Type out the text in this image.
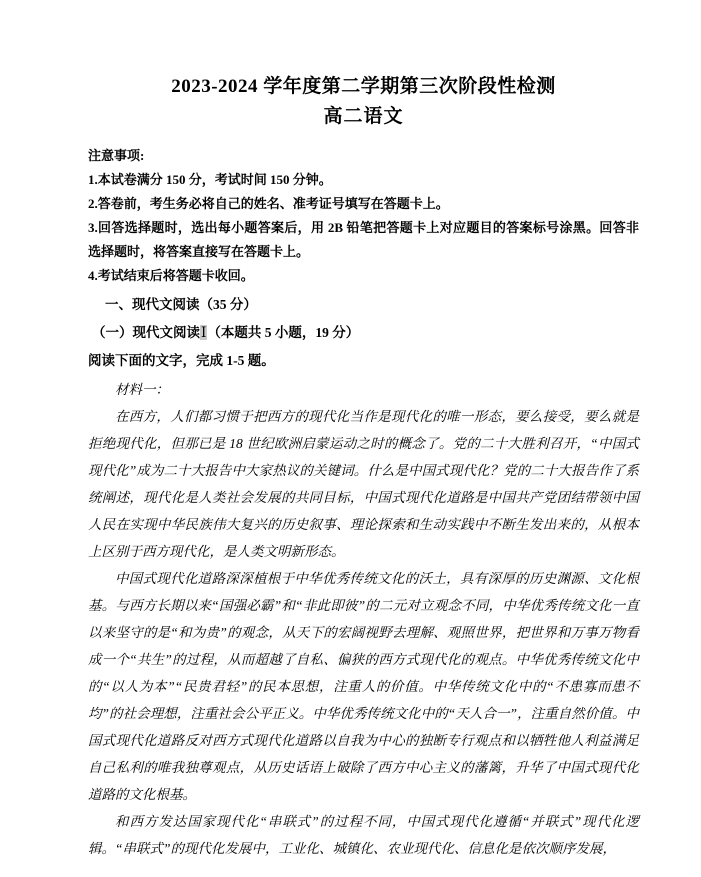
2023-2024 学年度第二学期第三次阶段性检测
高二语文

注意事项:

1.本试卷满分 150 分，考试时间 150 分钟。

2.答卷前，考生务必将自己的姓名、准考证号填写在答题卡上。

3.回答选择题时，选出每小题答案后，用 2B 铅笔把答题卡上对应题目的答案标号涂黑。回答非选择题时，将答案直接写在答题卡上。

4.考试结束后将答题卡收回。

一、现代文阅读（35 分）

（一）现代文阅读Ⅰ（本题共 5 小题，19 分）

阅读下面的文字，完成 1-5 题。

材料一：

在西方，人们都习惯于把西方的现代化当作是现代化的唯一形态，要么接受，要么就是拒绝现代化，但那已是 18 世纪欧洲启蒙运动之时的概念了。党的二十大胜利召开，“中国式现代化”成为二十大报告中大家热议的关键词。什么是中国式现代化？党的二十大报告作了系统阐述，现代化是人类社会发展的共同目标，中国式现代化道路是中国共产党团结带领中国人民在实现中华民族伟大复兴的历史叙事、理论探索和生动实践中不断生发出来的，从根本上区别于西方现代化，是人类文明新形态。

中国式现代化道路深深植根于中华优秀传统文化的沃土，具有深厚的历史渊源、文化根基。与西方长期以来“国强必霸”和“非此即彼”的二元对立观念不同，中华优秀传统文化一直以来坚守的是“和为贵”的观念，从天下的宏阔视野去理解、观照世界，把世界和万事万物看成一个“共生”的过程，从而超越了自私、偏狭的西方式现代化的观点。中华优秀传统文化中的“以人为本”“民贵君轻”的民本思想，注重人的价值。中华传统文化中的“不患寡而患不均”的社会理想，注重社会公平正义。中华优秀传统文化中的“天人合一”，注重自然价值。中国式现代化道路反对西方式现代化道路以自我为中心的独断专行观点和以牺牲他人利益满足自己私利的唯我独尊观点，从历史话语上破除了西方中心主义的藩篱，升华了中国式现代化道路的文化根基。

和西方发达国家现代化“串联式”的过程不同，中国式现代化遵循“并联式”现代化逻辑。“串联式”的现代化发展中，工业化、城镇化、农业现代化、信息化是依次顺序发展，
